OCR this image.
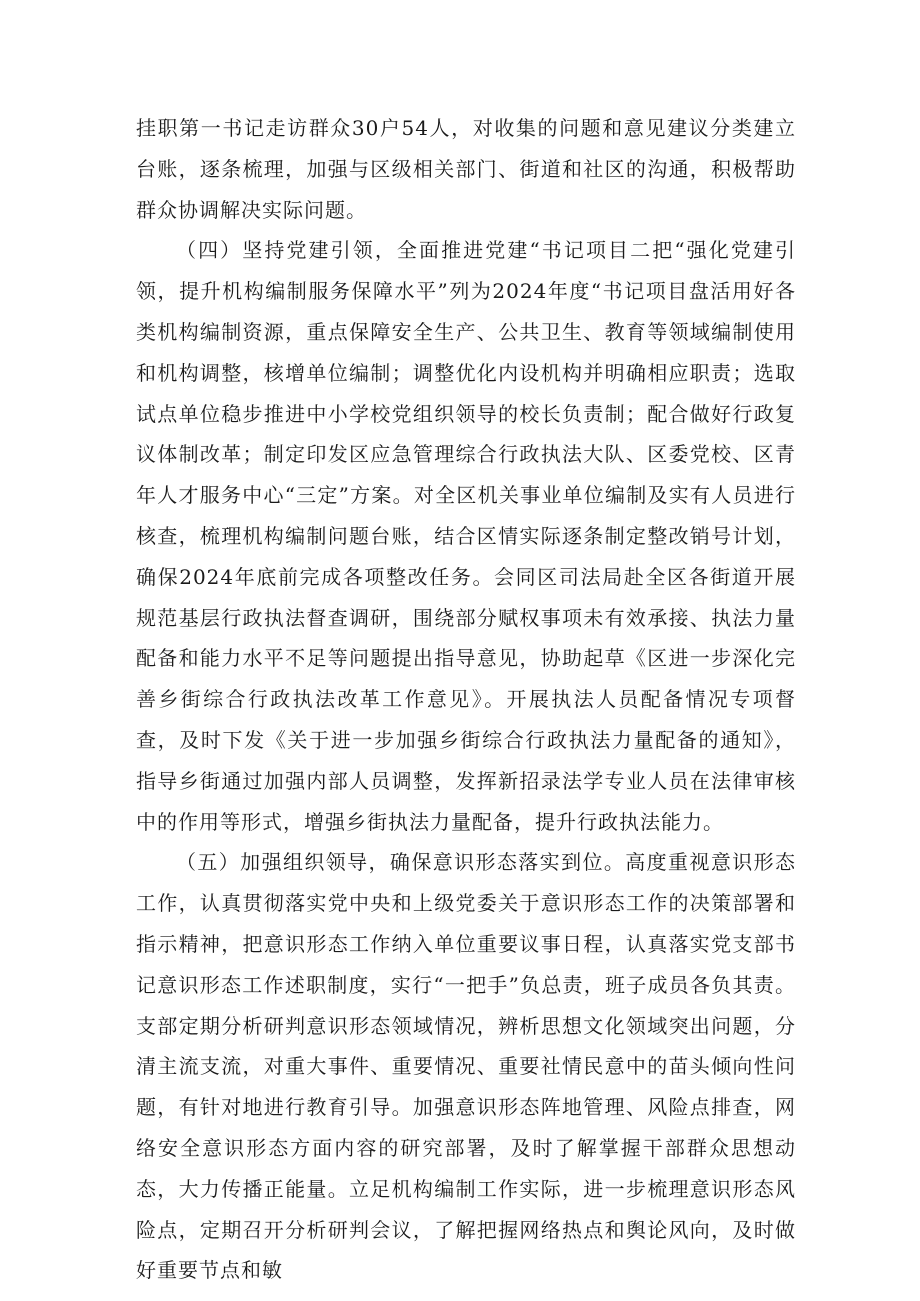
挂职第一书记走访群众30户54人，对收集的问题和意见建议分类建立台账，逐条梳理，加强与区级相关部门、街道和社区的沟通，积极帮助群众协调解决实际问题。

（四）坚持党建引领，全面推进党建“书记项目二把“强化党建引领，提升机构编制服务保障水平”列为2024年度“书记项目盘活用好各类机构编制资源，重点保障安全生产、公共卫生、教育等领域编制使用和机构调整，核增单位编制；调整优化内设机构并明确相应职责；选取试点单位稳步推进中小学校党组织领导的校长负责制；配合做好行政复议体制改革；制定印发区应急管理综合行政执法大队、区委党校、区青年人才服务中心“三定”方案。对全区机关事业单位编制及实有人员进行核查，梳理机构编制问题台账，结合区情实际逐条制定整改销号计划，确保2024年底前完成各项整改任务。会同区司法局赴全区各街道开展规范基层行政执法督查调研，围绕部分赋权事项未有效承接、执法力量配备和能力水平不足等问题提出指导意见，协助起草《区进一步深化完善乡街综合行政执法改革工作意见》。开展执法人员配备情况专项督查，及时下发《关于进一步加强乡街综合行政执法力量配备的通知》，指导乡街通过加强内部人员调整，发挥新招录法学专业人员在法律审核中的作用等形式，增强乡街执法力量配备，提升行政执法能力。

（五）加强组织领导，确保意识形态落实到位。高度重视意识形态工作，认真贯彻落实党中央和上级党委关于意识形态工作的决策部署和指示精神，把意识形态工作纳入单位重要议事日程，认真落实党支部书记意识形态工作述职制度，实行“一把手”负总责，班子成员各负其责。支部定期分析研判意识形态领域情况，辨析思想文化领域突出问题，分清主流支流，对重大事件、重要情况、重要社情民意中的苗头倾向性问题，有针对地进行教育引导。加强意识形态阵地管理、风险点排查，网络安全意识形态方面内容的研究部署，及时了解掌握干部群众思想动态，大力传播正能量。立足机构编制工作实际，进一步梳理意识形态风险点，定期召开分析研判会议，了解把握网络热点和舆论风向，及时做好重要节点和敏
